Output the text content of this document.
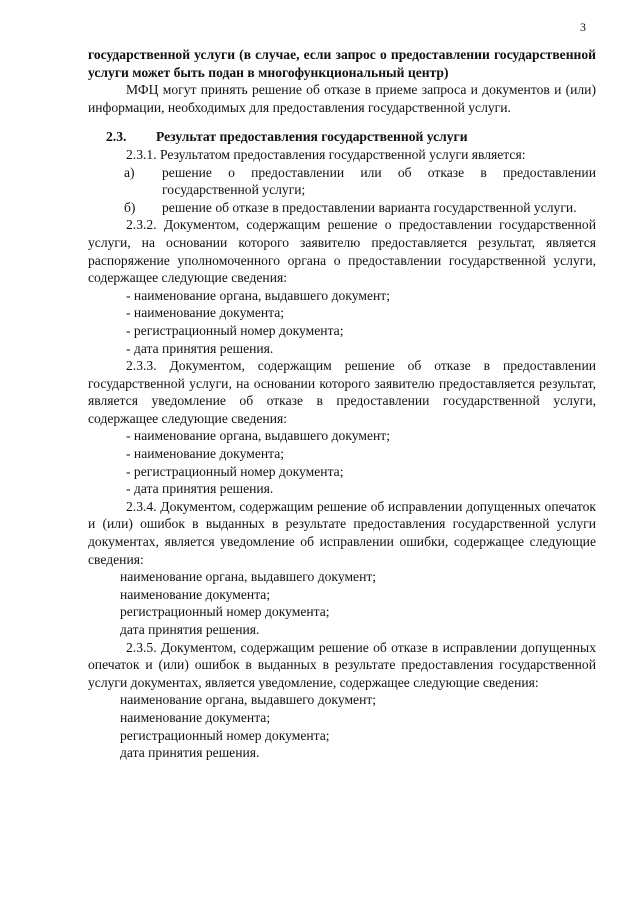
3

государственной услуги (в случае, если запрос о предоставлении государственной услуги может быть подан в многофункциональный центр)

МФЦ могут принять решение об отказе в приеме запроса и документов и (или) информации, необходимых для предоставления государственной услуги.

2.3.	Результат предоставления государственной услуги

2.3.1. Результатом предоставления государственной услуги является:

а)	решение о предоставлении или об отказе в предоставлении государственной услуги;
б)	решение об отказе в предоставлении варианта государственной услуги.

2.3.2. Документом, содержащим решение о предоставлении государственной услуги, на основании которого заявителю предоставляется результат, является распоряжение уполномоченного органа о предоставлении государственной услуги, содержащее следующие сведения:

- наименование органа, выдавшего документ;
- наименование документа;
- регистрационный номер документа;
- дата принятия решения.

2.3.3. Документом, содержащим решение об отказе в предоставлении государственной услуги, на основании которого заявителю предоставляется результат, является уведомление об отказе в предоставлении государственной услуги, содержащее следующие сведения:

- наименование органа, выдавшего документ;
- наименование документа;
- регистрационный номер документа;
- дата принятия решения.

2.3.4. Документом, содержащим решение об исправлении допущенных опечаток и (или) ошибок в выданных в результате предоставления государственной услуги документах, является уведомление об исправлении ошибки, содержащее следующие сведения:

наименование органа, выдавшего документ;
наименование документа;
регистрационный номер документа;
дата принятия решения.

2.3.5. Документом, содержащим решение об отказе в исправлении допущенных опечаток и (или) ошибок в выданных в результате предоставления государственной услуги документах, является уведомление, содержащее следующие сведения:

наименование органа, выдавшего документ;
наименование документа;
регистрационный номер документа;
дата принятия решения.
